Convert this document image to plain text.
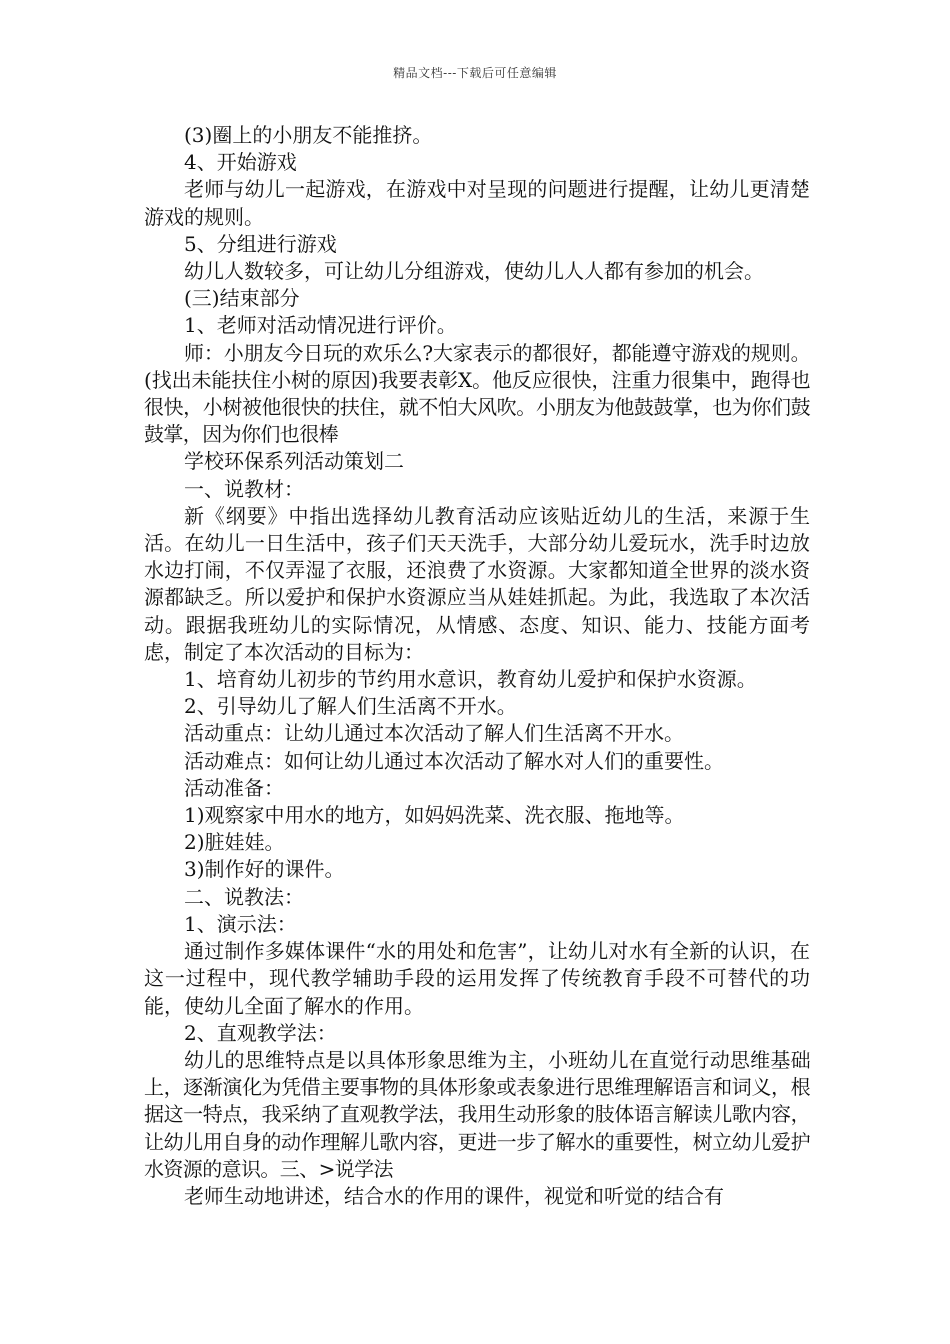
精品文档---下载后可任意编辑

(3)圈上的小朋友不能推挤。

4、开始游戏

老师与幼儿一起游戏，在游戏中对呈现的问题进行提醒，让幼儿更清楚游戏的规则。

5、分组进行游戏

幼儿人数较多，可让幼儿分组游戏，使幼儿人人都有参加的机会。

(三)结束部分

1、老师对活动情况进行评价。

师：小朋友今日玩的欢乐么?大家表示的都很好，都能遵守游戏的规则。(找出未能扶住小树的原因)我要表彰X。他反应很快，注重力很集中，跑得也很快，小树被他很快的扶住，就不怕大风吹。小朋友为他鼓鼓掌，也为你们鼓鼓掌，因为你们也很棒

学校环保系列活动策划二

一、说教材：

新《纲要》中指出选择幼儿教育活动应该贴近幼儿的生活，来源于生活。在幼儿一日生活中，孩子们天天洗手，大部分幼儿爱玩水，洗手时边放水边打闹，不仅弄湿了衣服，还浪费了水资源。大家都知道全世界的淡水资源都缺乏。所以爱护和保护水资源应当从娃娃抓起。为此，我选取了本次活动。跟据我班幼儿的实际情况，从情感、态度、知识、能力、技能方面考虑，制定了本次活动的目标为：

1、培育幼儿初步的节约用水意识，教育幼儿爱护和保护水资源。

2、引导幼儿了解人们生活离不开水。

活动重点：让幼儿通过本次活动了解人们生活离不开水。

活动难点：如何让幼儿通过本次活动了解水对人们的重要性。

活动准备：

1)观察家中用水的地方，如妈妈洗菜、洗衣服、拖地等。

2)脏娃娃。

3)制作好的课件。

二、说教法：

1、演示法：

通过制作多媒体课件“水的用处和危害”，让幼儿对水有全新的认识，在这一过程中，现代教学辅助手段的运用发挥了传统教育手段不可替代的功能，使幼儿全面了解水的作用。

2、直观教学法：

幼儿的思维特点是以具体形象思维为主，小班幼儿在直觉行动思维基础上，逐渐演化为凭借主要事物的具体形象或表象进行思维理解语言和词义，根据这一特点，我采纳了直观教学法，我用生动形象的肢体语言解读儿歌内容，让幼儿用自身的动作理解儿歌内容，更进一步了解水的重要性，树立幼儿爱护水资源的意识。三、>说学法

老师生动地讲述，结合水的作用的课件，视觉和听觉的结合有
